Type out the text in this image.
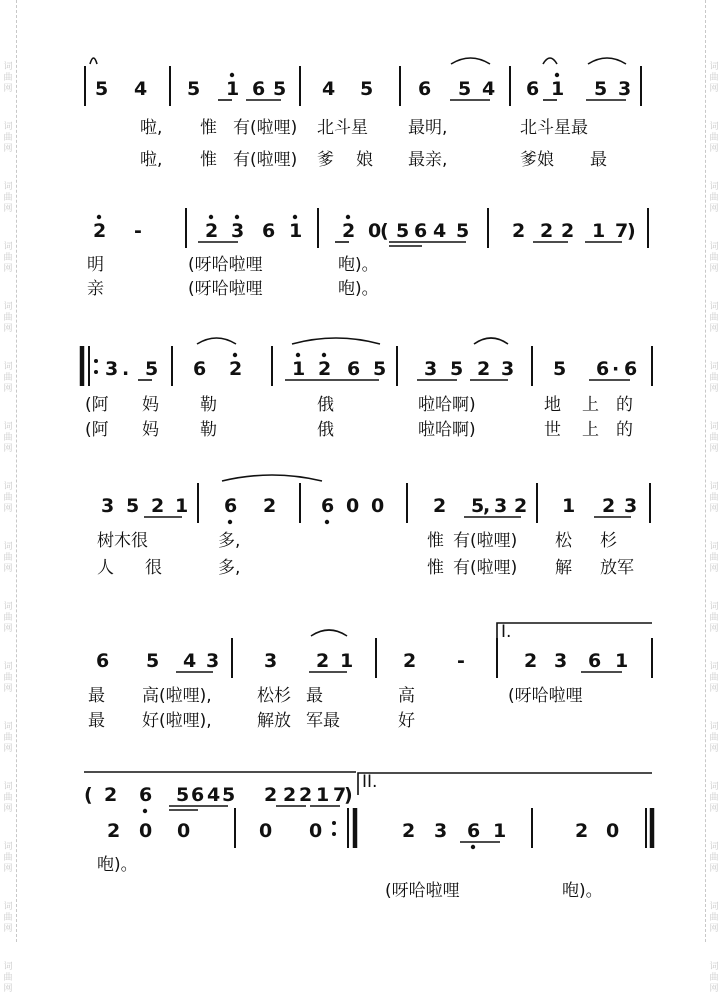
词
曲
网
词
曲
网
词
曲
网
词
曲
网
词
曲
网
词
曲
网
词
曲
网
词
曲
网
词
曲
网
词
曲
网
词
曲
网
词
曲
网
词
曲
网
词
曲
网
词
曲
网
词
曲
网
词
曲
网
词
曲
网
词
曲
网
词
曲
网
词
曲
网
词
曲
网
词
曲
网
词
曲
网
词
曲
网
词
曲
网
词
曲
网
词
曲
网
词
曲
网
词
曲
网
词
曲
网
词
曲
网
5 4 5 1 6 5 4 5 6 5 4 6 1 5 3
啦, 惟 有(啦哩) 北斗星 最明,	北斗星最
啦, 惟 有(啦哩) 爹 娘 最亲,	爹娘 最
2 -	2 3 6 1 2 0
( 5 6 4 5 2 2 2 1 7
)
明	(呀哈啦哩	咆)。
亲	(呀哈啦哩	咆)。
3 . 5 6 2	1 2 6 5 3 5 2 3 5 6 · 6
(阿 妈 勒	俄	啦哈啊)	地 上 的
(阿 妈 勒	俄	啦哈啊)	世 上 的
3 5 2 1 6 2 6 0 0	2 5
, 3 2 1 2 3
树木很	多,	惟 有(啦哩) 松 杉
人 很	多,	惟 有(啦哩) 解 放军
I.
6 5 4 3 3 2 1	2 -	2 3 6 1
最 高(啦哩),	松杉 最	高	(呀哈啦哩
最 好(啦哩),	解放 军最	好
II.
( 2 6 5 6 4 5 2 2 2 1 7
)
2 0 0	0 0	2 3 6 1	2 0
咆)。
(呀哈啦哩	咆)。
